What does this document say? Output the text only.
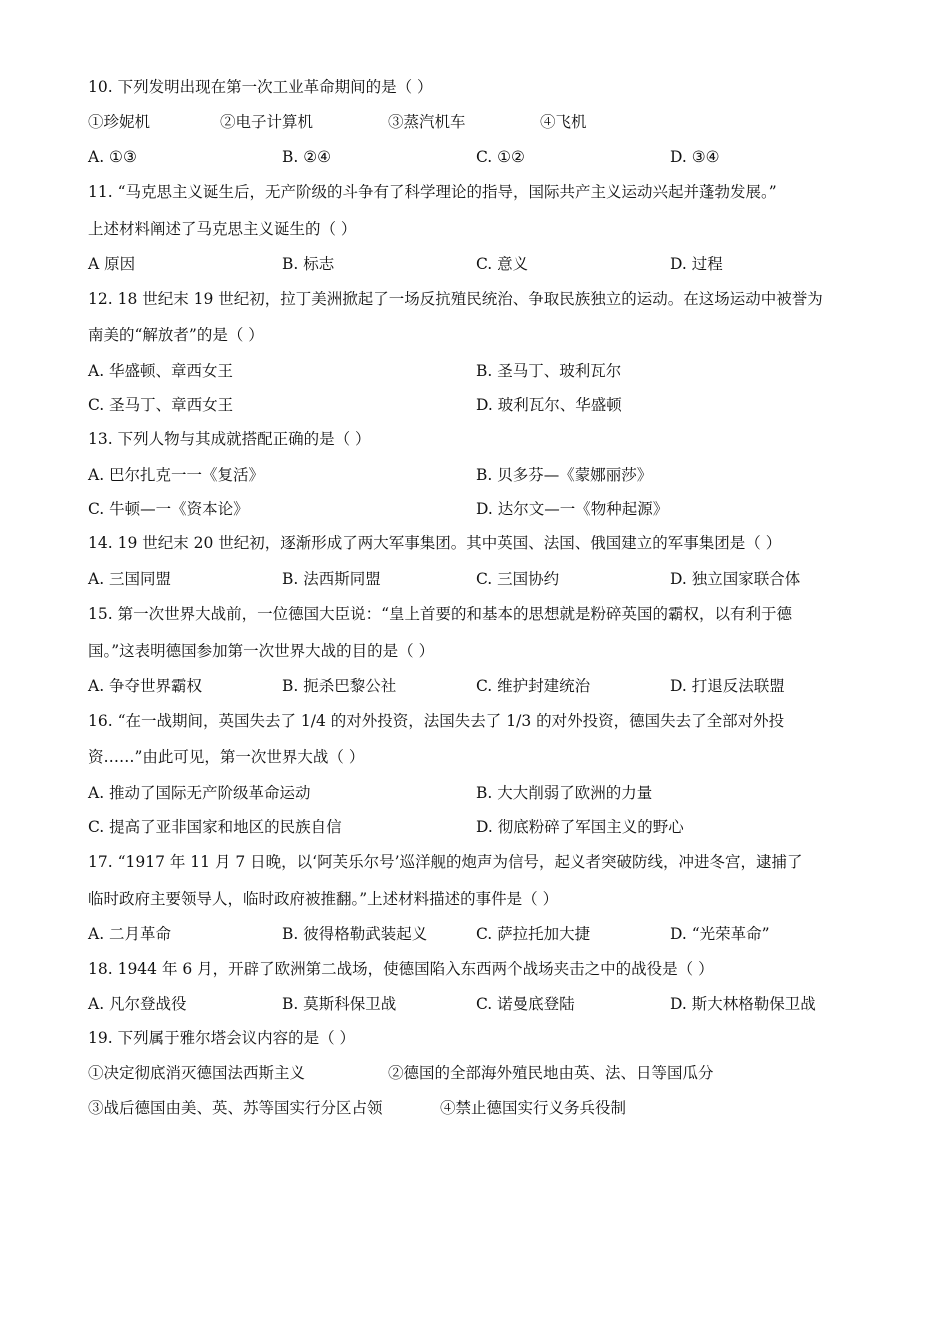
10. 下列发明出现在第一次工业革命期间的是（ ）
①珍妮机	②电子计算机	③蒸汽机车	④飞机
A. ①③	B. ②④	C. ①②	D. ③④
11. “马克思主义诞生后，无产阶级的斗争有了科学理论的指导，国际共产主义运动兴起并蓬勃发展。”
上述材料阐述了马克思主义诞生的（ ）
A 原因	B. 标志	C. 意义	D. 过程
12. 18 世纪末 19 世纪初，拉丁美洲掀起了一场反抗殖民统治、争取民族独立的运动。在这场运动中被誉为
南美的“解放者”的是（ ）
A. 华盛顿、章西女王	B. 圣马丁、玻利瓦尔
C. 圣马丁、章西女王	D. 玻利瓦尔、华盛顿
13. 下列人物与其成就搭配正确的是（ ）
A. 巴尔扎克一一《复活》	B. 贝多芬—《蒙娜丽莎》
C. 牛顿—一《资本论》	D. 达尔文—一《物种起源》
14. 19 世纪末 20 世纪初，逐渐形成了两大军事集团。其中英国、法国、俄国建立的军事集团是（ ）
A. 三国同盟	B. 法西斯同盟	C. 三国协约	D. 独立国家联合体
15. 第一次世界大战前，一位德国大臣说：“皇上首要的和基本的思想就是粉碎英国的霸权，以有利于德
国。”这表明德国参加第一次世界大战的目的是（ ）
A. 争夺世界霸权	B. 扼杀巴黎公社	C. 维护封建统治	D. 打退反法联盟
16. “在一战期间，英国失去了 1/4 的对外投资，法国失去了 1/3 的对外投资，德国失去了全部对外投
资……”由此可见，第一次世界大战（ ）
A. 推动了国际无产阶级革命运动	B. 大大削弱了欧洲的力量
C. 提高了亚非国家和地区的民族自信	D. 彻底粉碎了军国主义的野心
17. “1917 年 11 月 7 日晚，以‘阿芙乐尔号’巡洋舰的炮声为信号，起义者突破防线，冲进冬宫，逮捕了
临时政府主要领导人，临时政府被推翻。”上述材料描述的事件是（ ）
A. 二月革命	B. 彼得格勒武装起义	C. 萨拉托加大捷	D. “光荣革命”
18. 1944 年 6 月，开辟了欧洲第二战场，使德国陷入东西两个战场夹击之中的战役是（ ）
A. 凡尔登战役	B. 莫斯科保卫战	C. 诺曼底登陆	D. 斯大林格勒保卫战
19. 下列属于雅尔塔会议内容的是（ ）
①决定彻底消灭德国法西斯主义	②德国的全部海外殖民地由英、法、日等国瓜分
③战后德国由美、英、苏等国实行分区占领	④禁止德国实行义务兵役制
